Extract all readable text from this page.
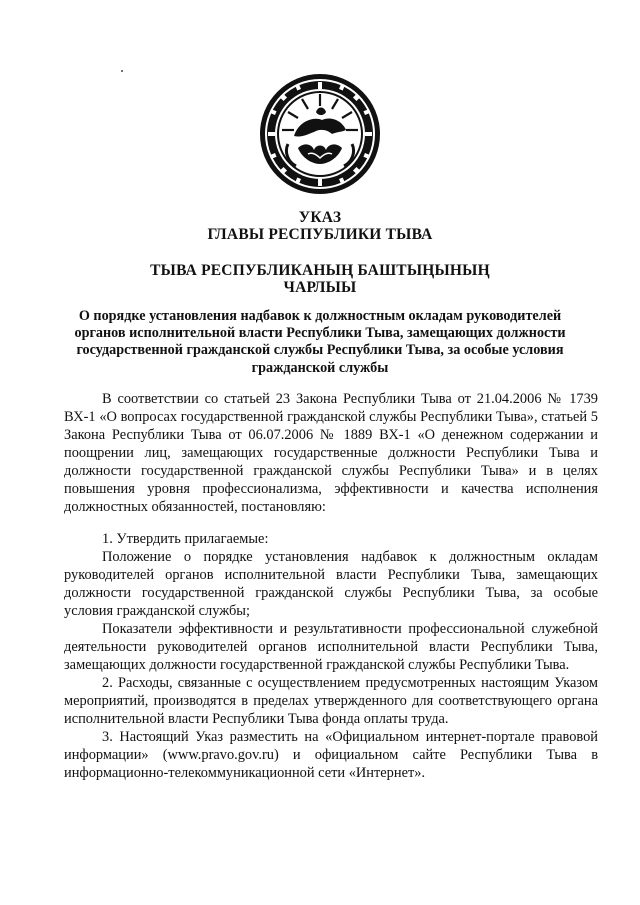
УКАЗ
ГЛАВЫ РЕСПУБЛИКИ ТЫВА
ТЫВА РЕСПУБЛИКАНЫҢ БАШТЫҢЫНЫҢ
ЧАРЛЫЫ
О порядке установления надбавок к должностным окладам руководителей органов исполнительной власти Республики Тыва, замещающих должности государственной гражданской службы Республики Тыва, за особые условия гражданской службы

В соответствии со статьей 23 Закона Республики Тыва от 21.04.2006 № 1739 ВХ-1 «О вопросах государственной гражданской службы Республики Тыва», статьей 5 Закона Республики Тыва от 06.07.2006 № 1889 ВХ-1 «О денежном содержании и поощрении лиц, замещающих государственные должности Республики Тыва и должности государственной гражданской службы Республики Тыва» и в целях повышения уровня профессионализма, эффективности и качества исполнения должностных обязанностей, постановляю:

1. Утвердить прилагаемые:

Положение о порядке установления надбавок к должностным окладам руководителей органов исполнительной власти Республики Тыва, замещающих должности государственной гражданской службы Республики Тыва, за особые условия гражданской службы;

Показатели эффективности и результативности профессиональной служебной деятельности руководителей органов исполнительной власти Республики Тыва, замещающих должности государственной гражданской службы Республики Тыва.

2. Расходы, связанные с осуществлением предусмотренных настоящим Указом мероприятий, производятся в пределах утвержденного для соответствующего органа исполнительной власти Республики Тыва фонда оплаты труда.

3. Настоящий Указ разместить на «Официальном интернет-портале правовой информации» (www.pravo.gov.ru) и официальном сайте Республики Тыва в информационно-телекоммуникационной сети «Интернет».
